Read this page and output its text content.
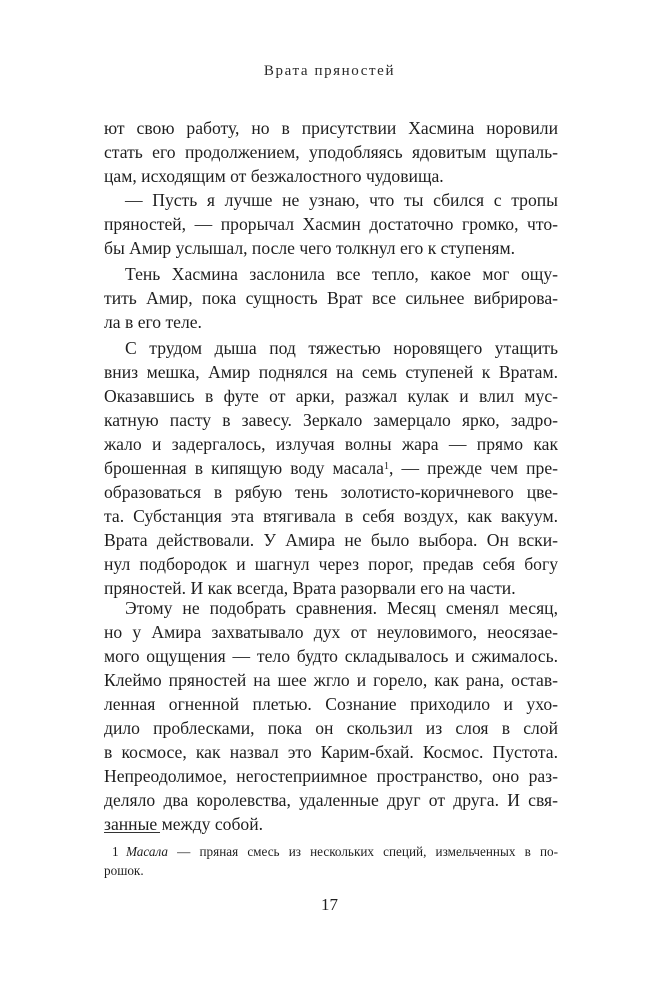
Врата пряностей
ют свою работу, но в присутствии Хасмина норовили
стать его продолжением, уподобляясь ядовитым щупаль-
цам, исходящим от безжалостного чудовища.
— Пусть я лучше не узнаю, что ты сбился с тропы
пряностей, — прорычал Хасмин достаточно громко, что-
бы Амир услышал, после чего толкнул его к ступеням.
Тень Хасмина заслонила все тепло, какое мог ощу-
тить Амир, пока сущность Врат все сильнее вибрирова-
ла в его теле.
С трудом дыша под тяжестью норовящего утащить
вниз мешка, Амир поднялся на семь ступеней к Вратам.
Оказавшись в футе от арки, разжал кулак и влил мус-
катную пасту в завесу. Зеркало замерцало ярко, задро-
жало и задергалось, излучая волны жара — прямо как
брошенная в кипящую воду масала$^1$, — прежде чем пре-
образоваться в рябую тень золотисто-коричневого цве-
та. Субстанция эта втягивала в себя воздух, как вакуум.
Врата действовали. У Амира не было выбора. Он вски-
нул подбородок и шагнул через порог, предав себя богу
пряностей. И как всегда, Врата разорвали его на части.
Этому не подобрать сравнения. Месяц сменял месяц,
но у Амира захватывало дух от неуловимого, неосязае-
мого ощущения — тело будто складывалось и сжималось.
Клеймо пряностей на шее жгло и горело, как рана, остав-
ленная огненной плетью. Сознание приходило и ухо-
дило проблесками, пока он скользил из слоя в слой
в космосе, как назвал это Карим-бхай. Космос. Пустота.
Непреодолимое, негостеприимное пространство, оно раз-
деляло два королевства, удаленные друг от друга. И свя-
занные между собой.
1 Масала — пряная смесь из нескольких специй, измельченных в по-
рошок.
17
